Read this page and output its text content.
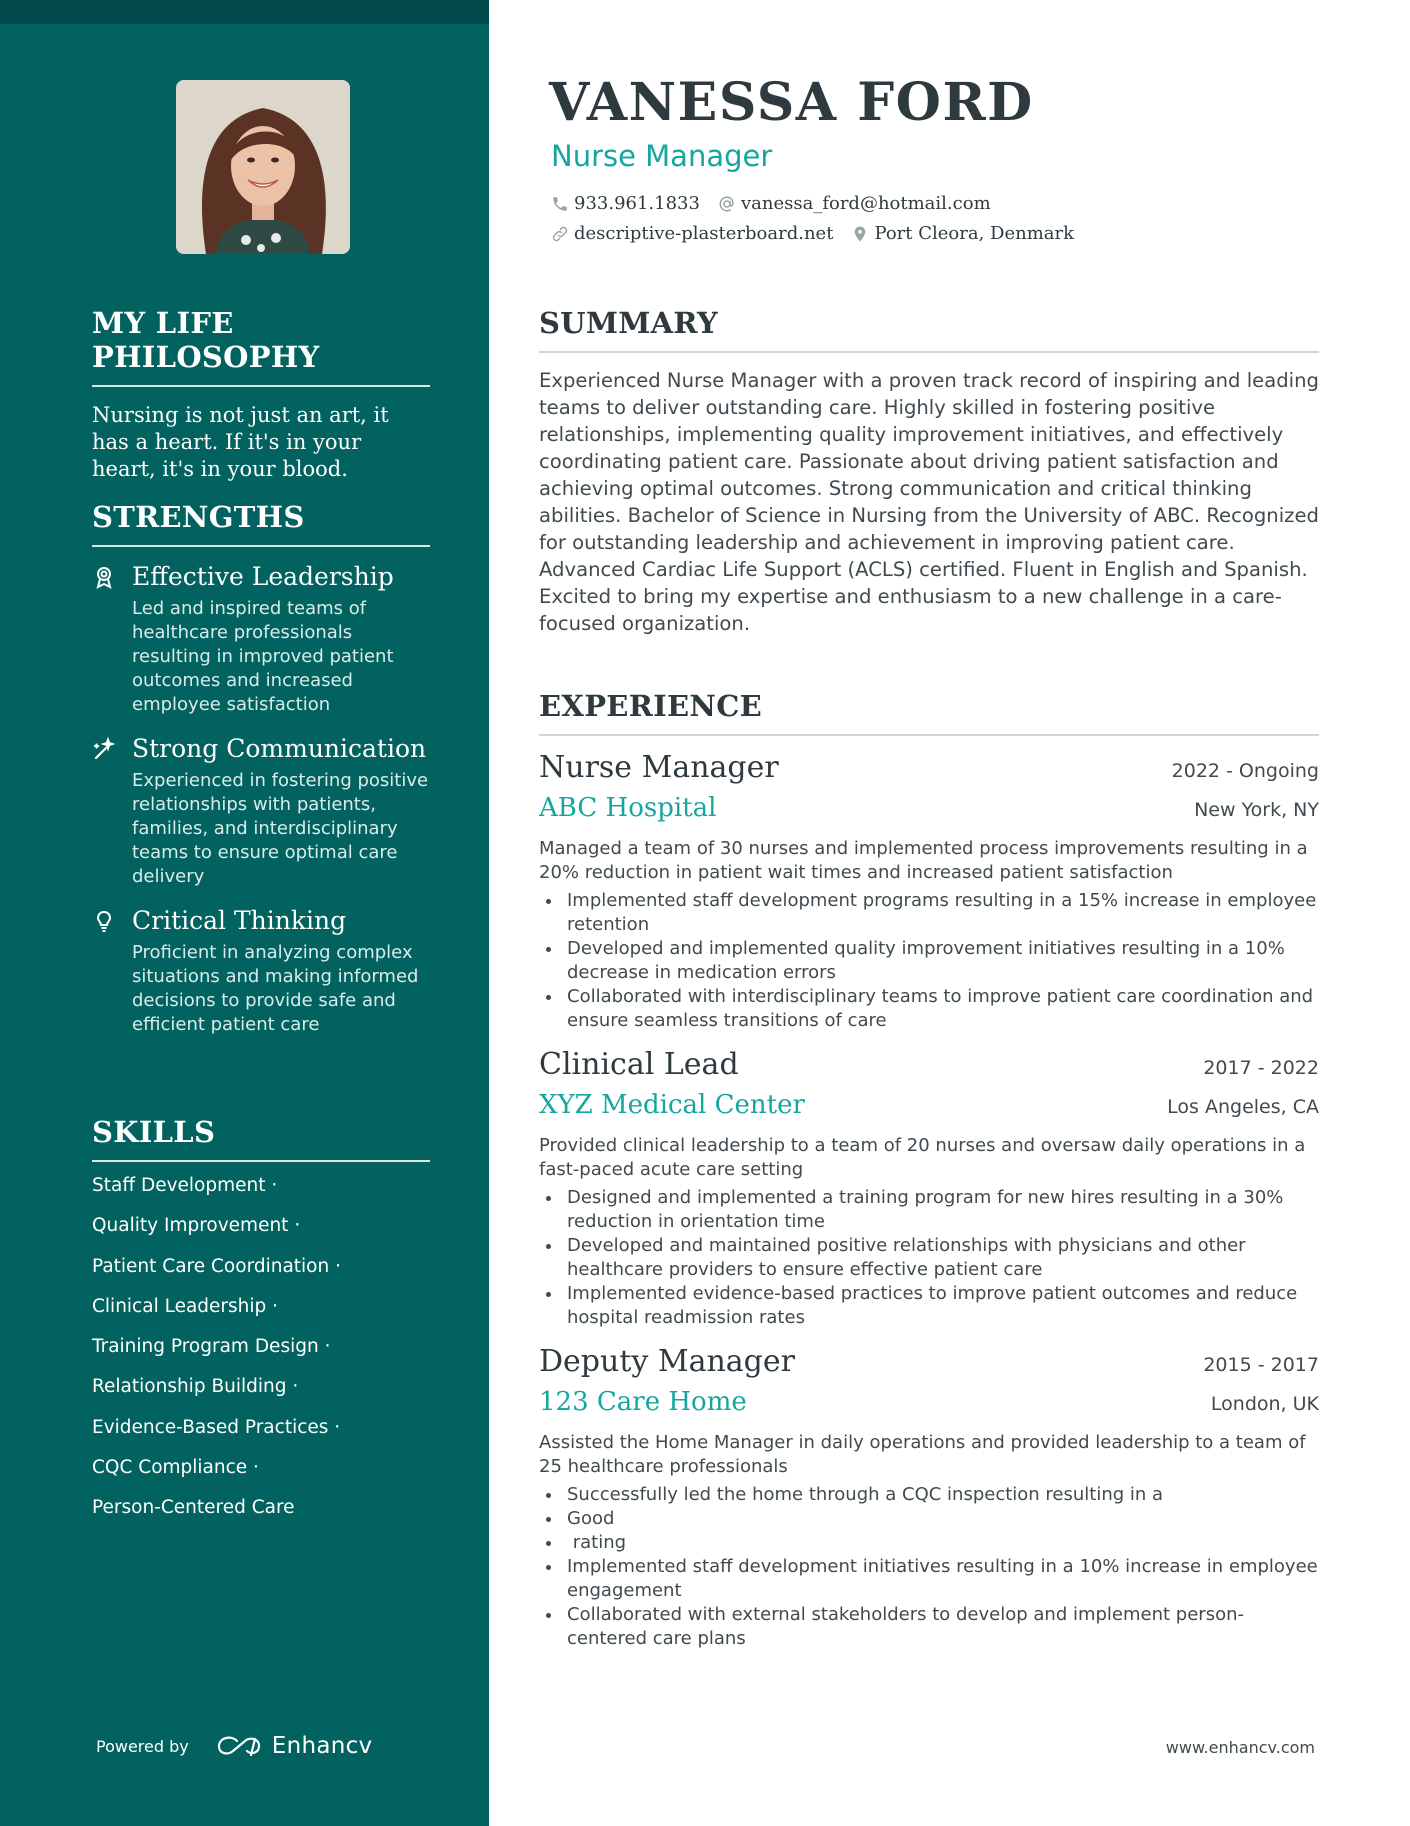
MY LIFE PHILOSOPHY

Nursing is not just an art, it has a heart. If it's in your heart, it's in your blood.

STRENGTHS
Effective Leadership
Led and inspired teams of healthcare professionals resulting in improved patient outcomes and increased employee satisfaction
Strong Communication
Experienced in fostering positive relationships with patients, families, and interdisciplinary teams to ensure optimal care delivery
Critical Thinking
Proficient in analyzing complex situations and making informed decisions to provide safe and efficient patient care
SKILLS
Staff Development ·
Quality Improvement ·
Patient Care Coordination ·
Clinical Leadership ·
Training Program Design ·
Relationship Building ·
Evidence-Based Practices ·
CQC Compliance ·
Person-Centered Care
Powered by	Enhancv
VANESSA FORD
Nurse Manager
933.961.1833 vanessa_ford@hotmail.com
descriptive-plasterboard.net Port Cleora, Denmark
SUMMARY

Experienced Nurse Manager with a proven track record of inspiring and leading teams to deliver outstanding care. Highly skilled in fostering positive relationships, implementing quality improvement initiatives, and effectively coordinating patient care. Passionate about driving patient satisfaction and achieving optimal outcomes. Strong communication and critical thinking abilities. Bachelor of Science in Nursing from the University of ABC. Recognized for outstanding leadership and achievement in improving patient care. Advanced Cardiac Life Support (ACLS) certified. Fluent in English and Spanish. Excited to bring my expertise and enthusiasm to a new challenge in a care-focused organization.

EXPERIENCE
Nurse Manager	2022 - Ongoing
ABC Hospital	New York, NY

Managed a team of 30 nurses and implemented process improvements resulting in a 20% reduction in patient wait times and increased patient satisfaction

Implemented staff development programs resulting in a 15% increase in employee retention
Developed and implemented quality improvement initiatives resulting in a 10% decrease in medication errors
Collaborated with interdisciplinary teams to improve patient care coordination and ensure seamless transitions of care
Clinical Lead	2017 - 2022
XYZ Medical Center	Los Angeles, CA

Provided clinical leadership to a team of 20 nurses and oversaw daily operations in a fast-paced acute care setting

Designed and implemented a training program for new hires resulting in a 30% reduction in orientation time
Developed and maintained positive relationships with physicians and other healthcare providers to ensure effective patient care
Implemented evidence-based practices to improve patient outcomes and reduce hospital readmission rates
Deputy Manager	2015 - 2017
123 Care Home	London, UK

Assisted the Home Manager in daily operations and provided leadership to a team of 25 healthcare professionals

Successfully led the home through a CQC inspection resulting in a
Good
rating
Implemented staff development initiatives resulting in a 10% increase in employee engagement
Collaborated with external stakeholders to develop and implement person-centered care plans
www.enhancv.com
